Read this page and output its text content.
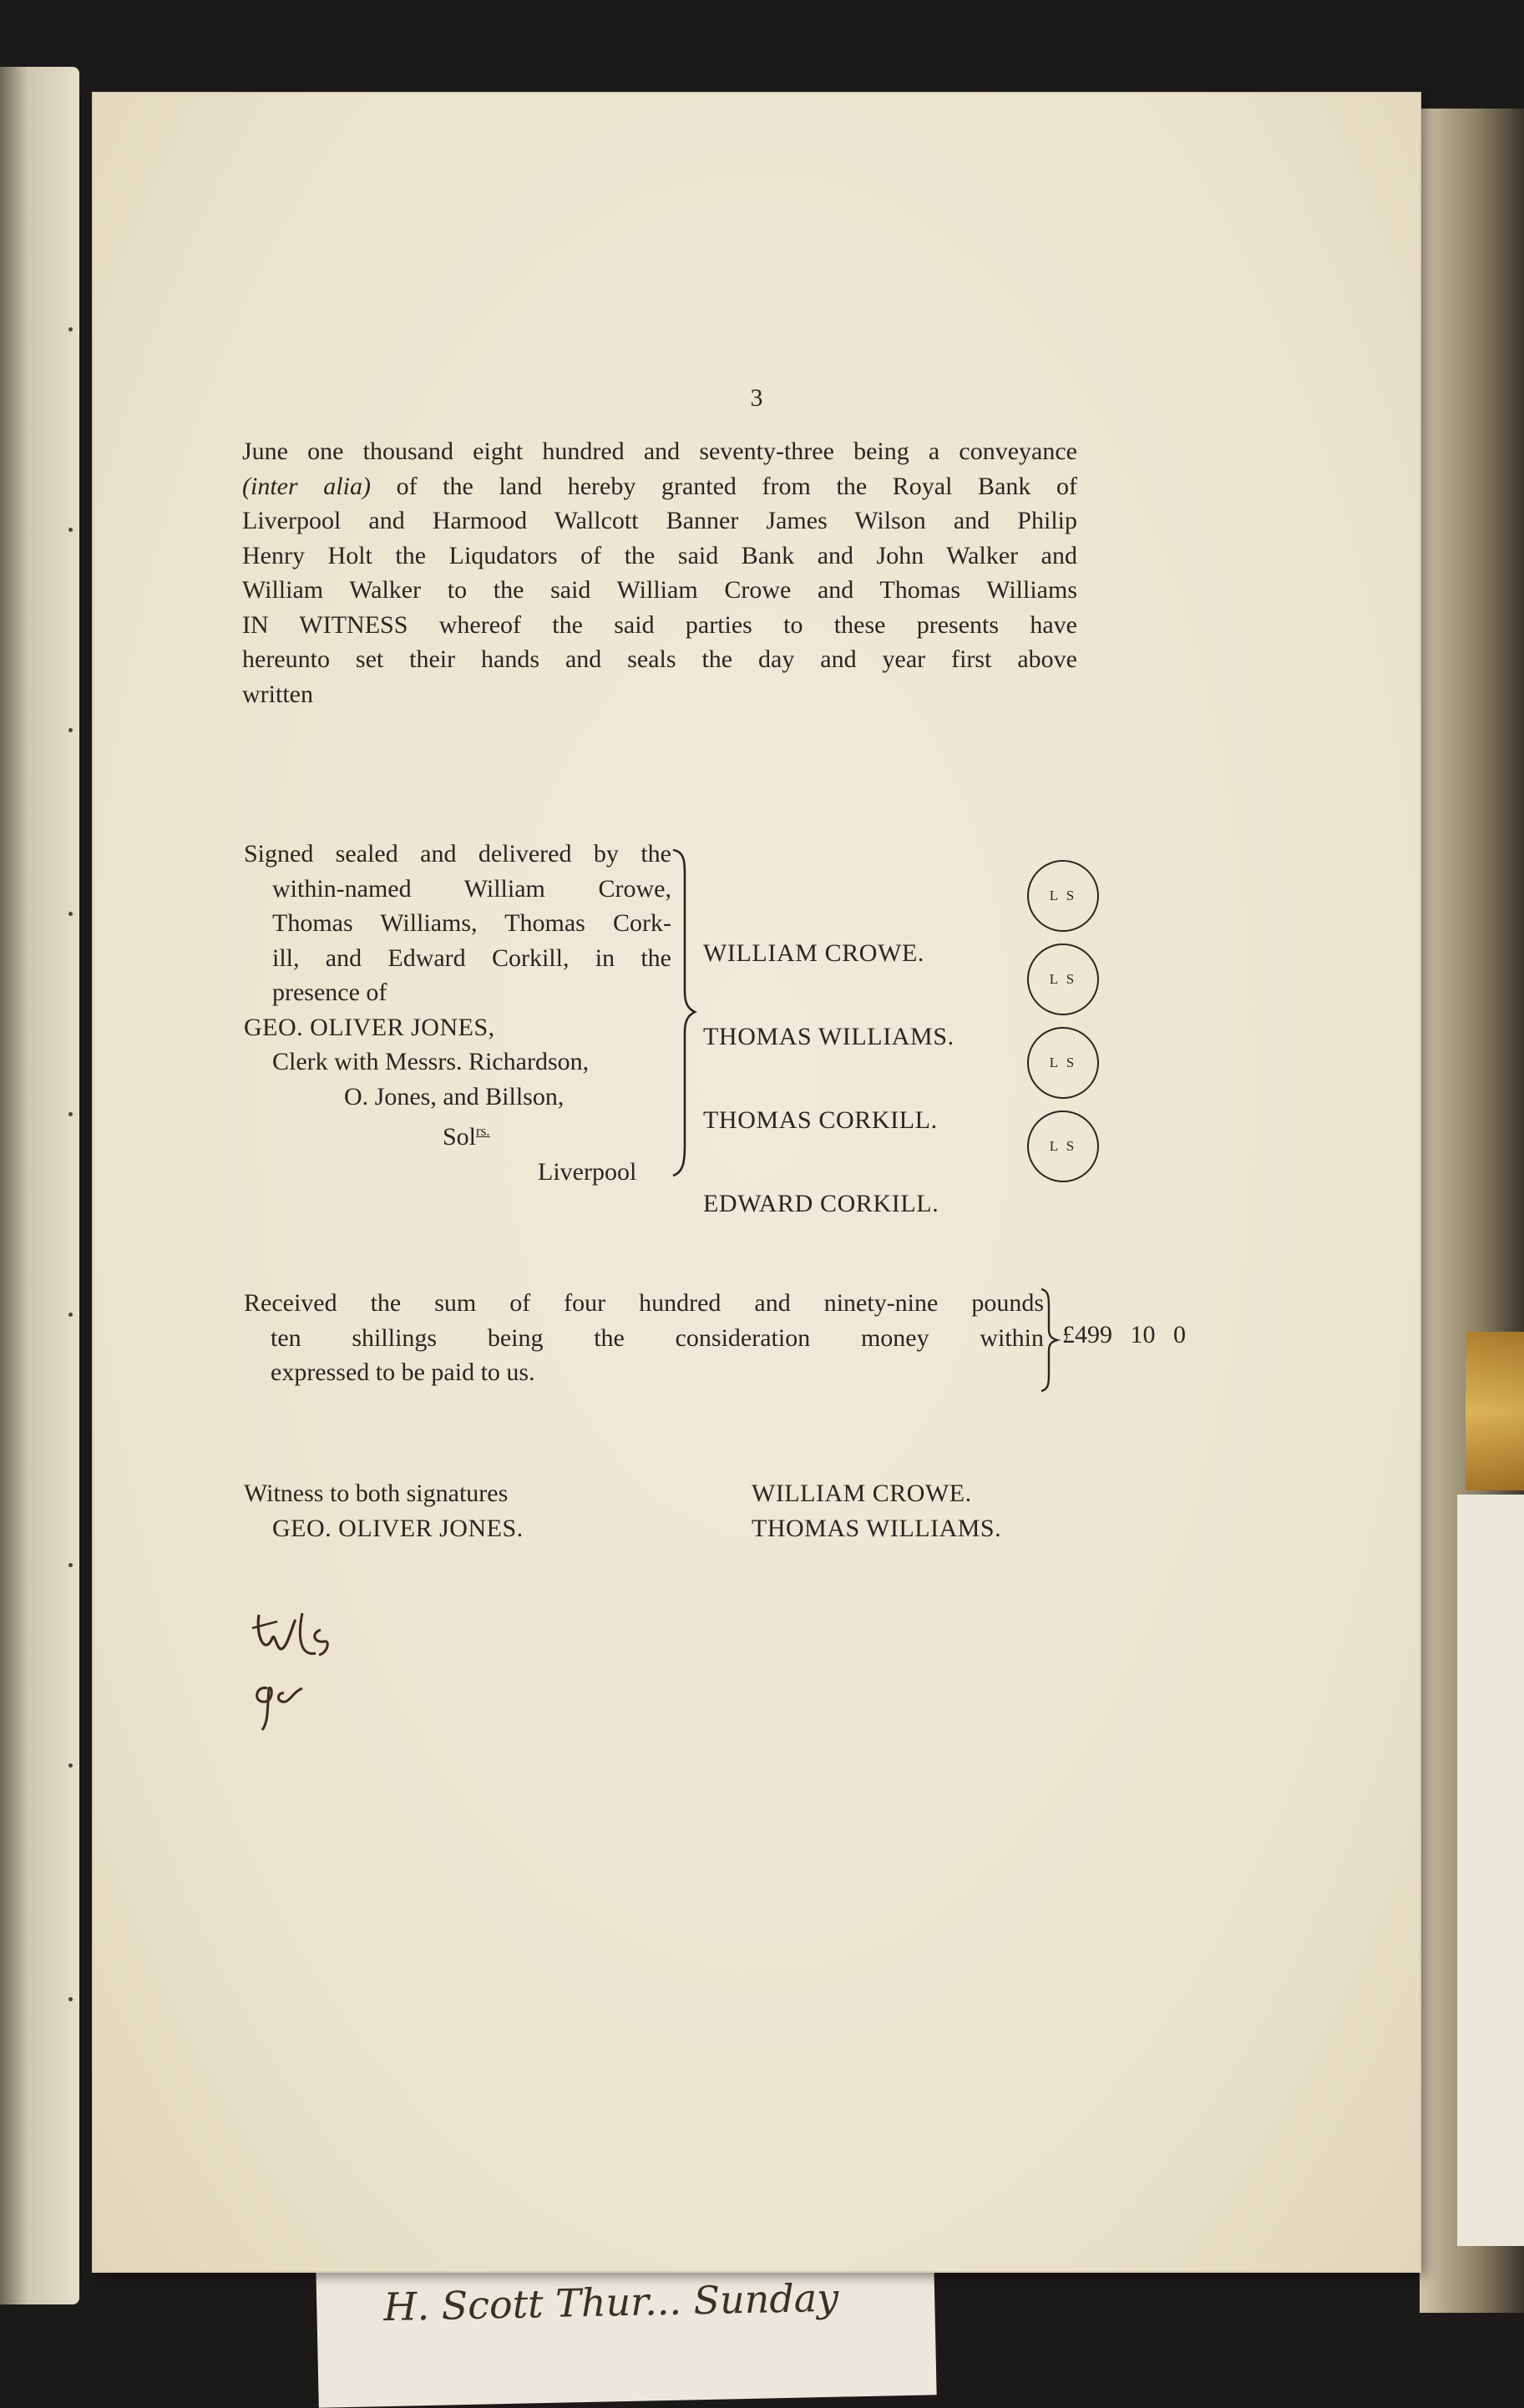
H. Scott Thur... Sunday
3
June one thousand eight hundred and seventy-three being a conveyance
(inter alia) of the land hereby granted from the Royal Bank of
Liverpool and Harmood Wallcott Banner James Wilson and Philip
Henry Holt the Liqudators of the said Bank and John Walker and
William Walker to the said William Crowe and Thomas Williams
IN WITNESS whereof the said parties to these presents have
hereunto set their hands and seals the day and year first above
written
Signed sealed and delivered by the
within-named William Crowe,
Thomas Williams, Thomas Cork-
ill, and Edward Corkill, in the
presence of
GEO. OLIVER JONES,
Clerk with Messrs. Richardson,
O. Jones, and Billson,
Sol$^{rs.}$
Liverpool
WILLIAM CROWE.
THOMAS WILLIAMS.
THOMAS CORKILL.
EDWARD CORKILL.
L S
L S
L S
L S
Received the sum of four hundred and ninety-nine pounds
ten shillings being the consideration money within
expressed to be paid to us.
£499 10 0
Witness to both signatures
GEO. OLIVER JONES.
WILLIAM CROWE.
THOMAS WILLIAMS.
